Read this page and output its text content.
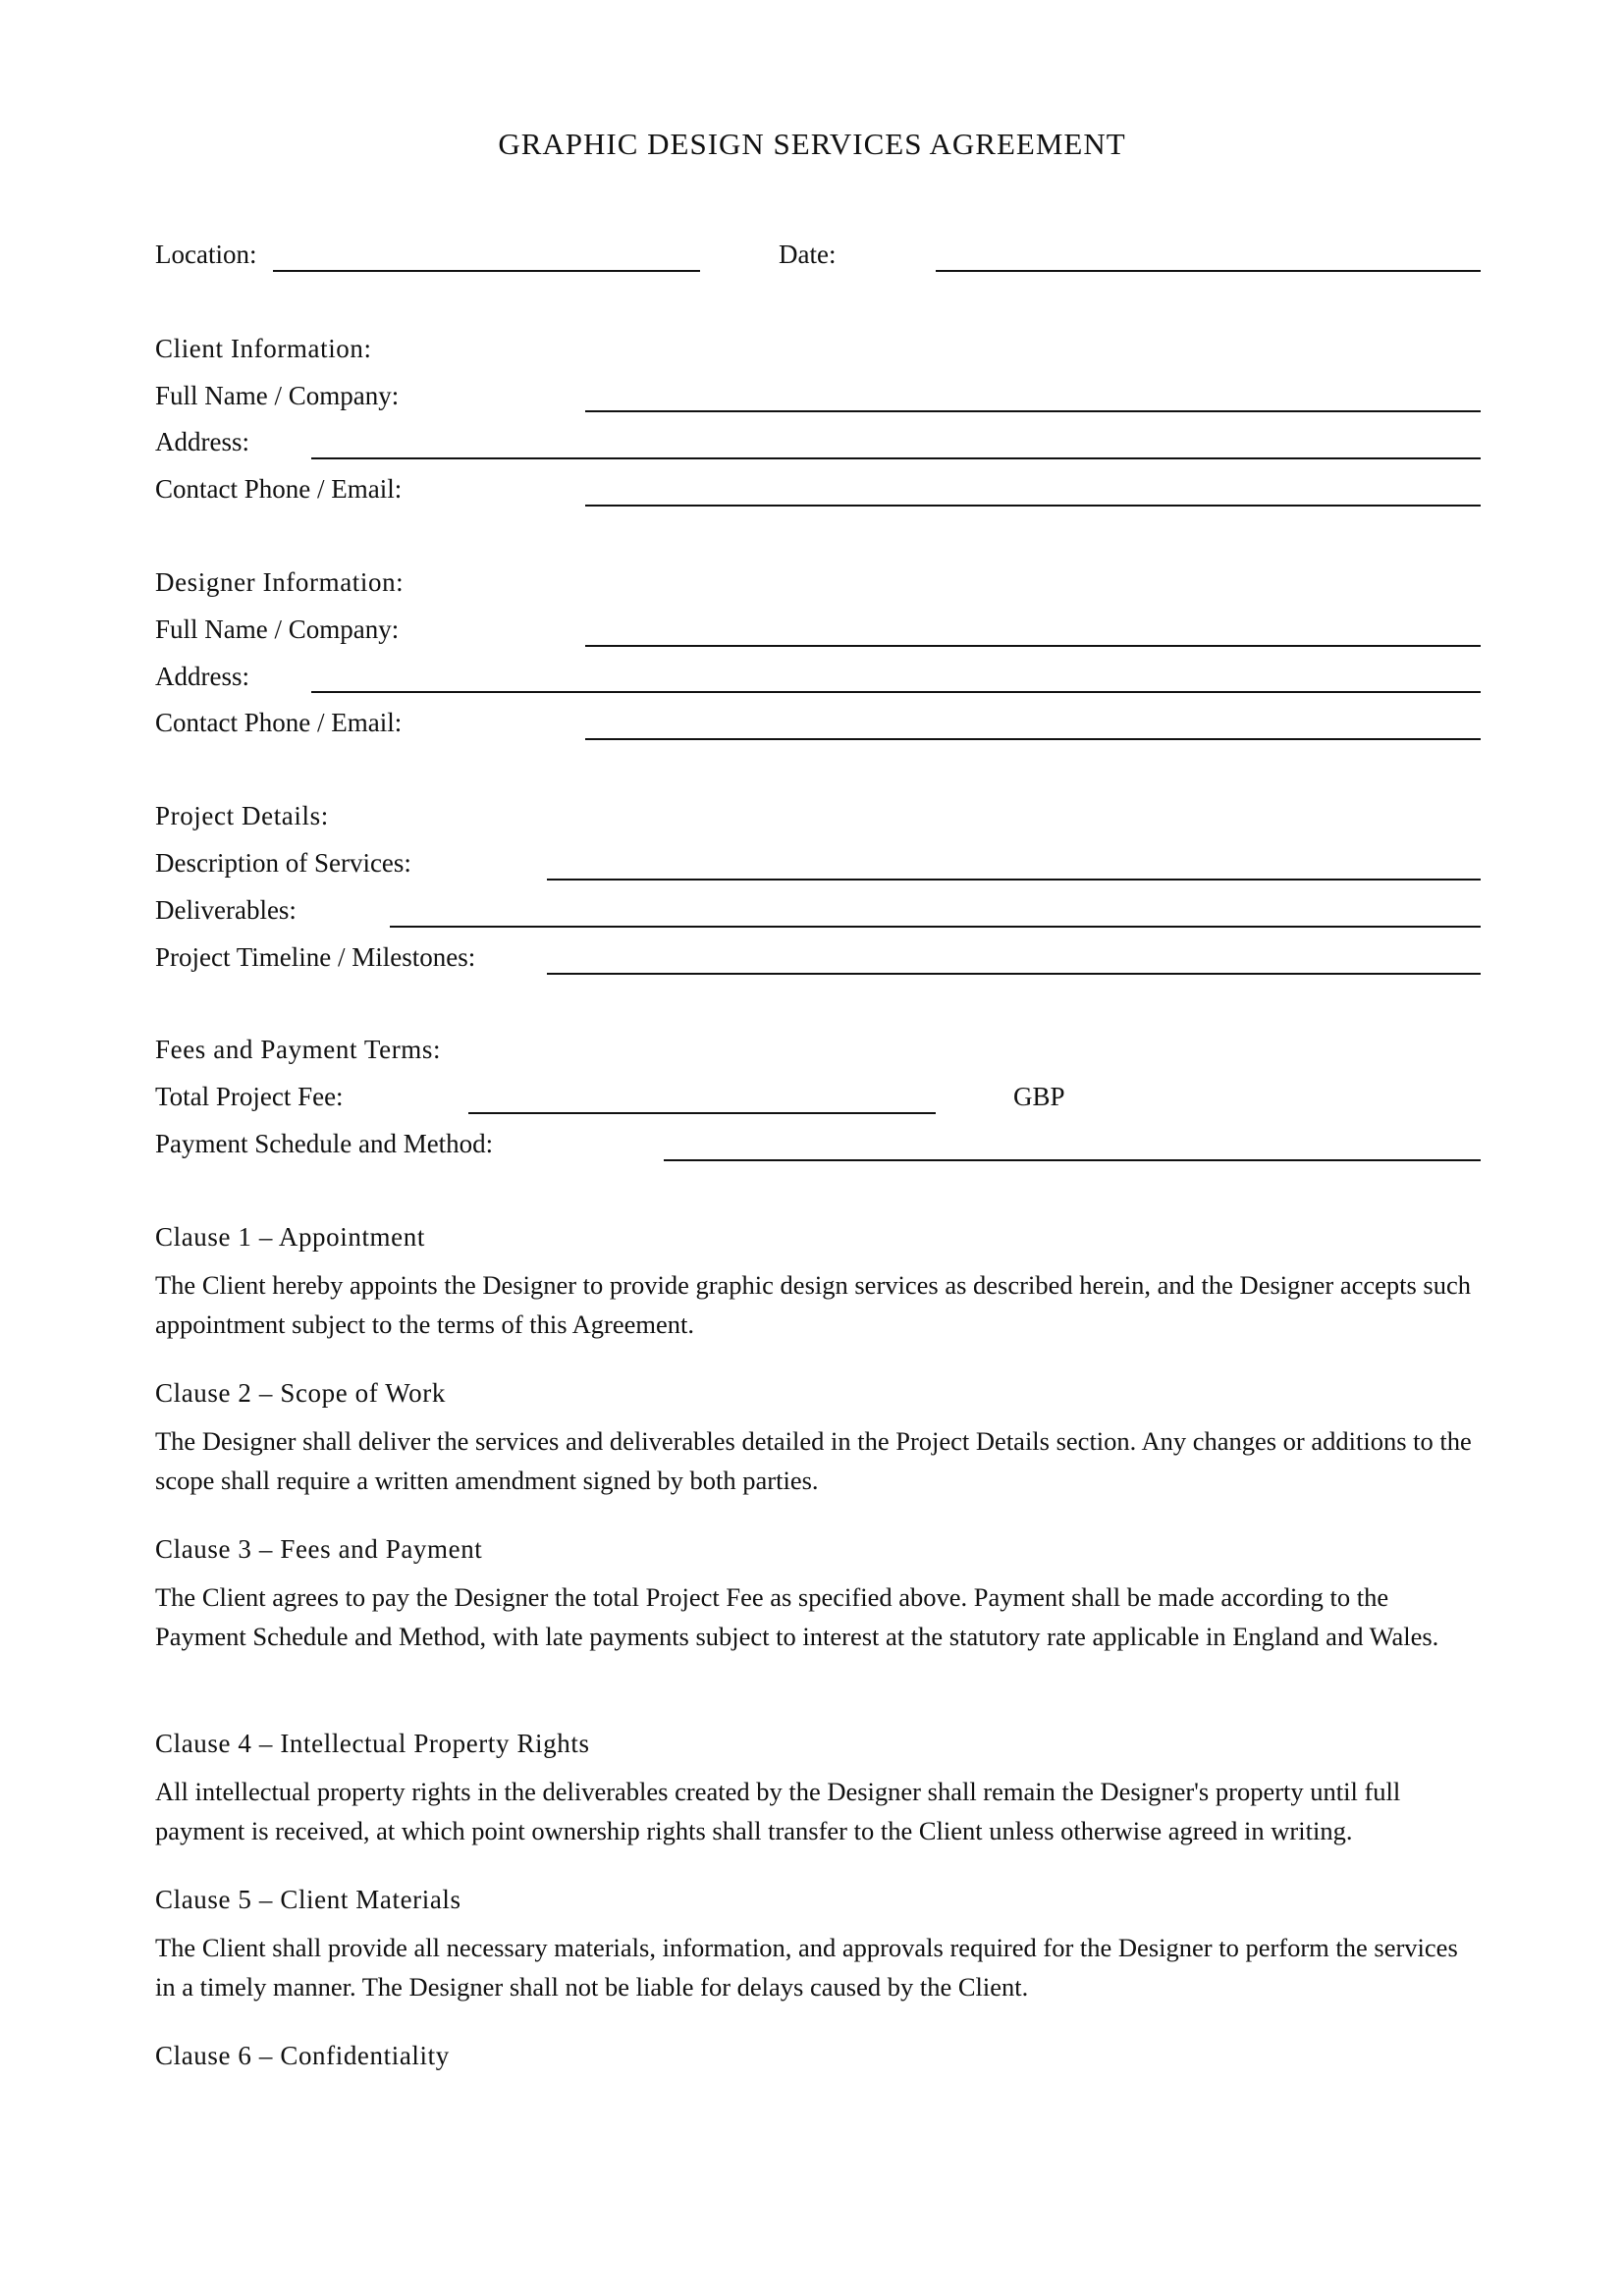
GRAPHIC DESIGN SERVICES AGREEMENT
Location:	Date:
Client Information:
Full Name / Company:
Address:
Contact Phone / Email:
Designer Information:
Full Name / Company:
Address:
Contact Phone / Email:
Project Details:
Description of Services:
Deliverables:
Project Timeline / Milestones:
Fees and Payment Terms:
Total Project Fee:	GBP
Payment Schedule and Method:
Clause 1 – Appointment
The Client hereby appoints the Designer to provide graphic design services as described herein, and the Designer accepts such appointment subject to the terms of this Agreement.
Clause 2 – Scope of Work
The Designer shall deliver the services and deliverables detailed in the Project Details section. Any changes or additions to the scope shall require a written amendment signed by both parties.
Clause 3 – Fees and Payment
The Client agrees to pay the Designer the total Project Fee as specified above. Payment shall be made according to the Payment Schedule and Method, with late payments subject to interest at the statutory rate applicable in England and Wales.
Clause 4 – Intellectual Property Rights
All intellectual property rights in the deliverables created by the Designer shall remain the Designer's property until full payment is received, at which point ownership rights shall transfer to the Client unless otherwise agreed in writing.
Clause 5 – Client Materials
The Client shall provide all necessary materials, information, and approvals required for the Designer to perform the services in a timely manner. The Designer shall not be liable for delays caused by the Client.
Clause 6 – Confidentiality
